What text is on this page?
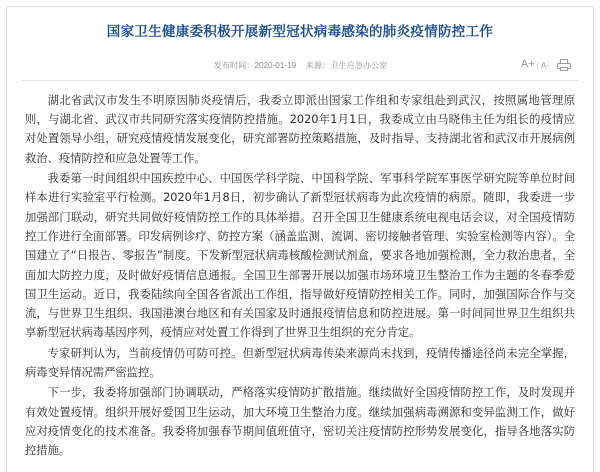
国家卫生健康委积极开展新型冠状病毒感染的肺炎疫情防控工作
发布时间：2020-01-19 来源：卫生应急办公室	A+ | A-

湖北省武汉市发生不明原因肺炎疫情后，我委立即派出国家工作组和专家组赴到武汉，按照属地管理原则，与湖北省、武汉市共同研究落实疫情防控措施。2020年1月1日，我委成立由马晓伟主任为组长的疫情应对处置领导小组，研究疫情疫情发展变化，研究部署防控策略措施，及时指导、支持湖北省和武汉市开展病例救治、疫情防控和应急处置等工作。

我委第一时间组织中国疾控中心、中国医学科学院、中国科学院、军事科学院军事医学研究院等单位时间样本进行实验室平行检测。2020年1月8日，初步确认了新型冠状病毒为此次疫情的病原。随即，我委进一步加强部门联动，研究共同做好疫情防控工作的具体举措。召开全国卫生健康系统电视电话会议，对全国疫情防控工作进行全面部署。印发病例诊疗、防控方案（涵盖监测、流调、密切接触者管理、实验室检测等内容）。全国建立了“日报告、零报告”制度。下发新型冠状病毒核酸检测试剂盒，要求各地加强检测，全力救治患者，全面加大防控力度，及时做好疫情信息通报。全国卫生部署开展以加强市场环境卫生整治工作为主题的冬春季爱国卫生运动。近日，我委陆续向全国各省派出工作组，指导做好疫情防控相关工作。同时，加强国际合作与交流，与世界卫生组织、我国港澳台地区和有关国家及时通报疫情信息和防控进展。第一时间同世界卫生组织共享新型冠状病毒基因序列，疫情应对处置工作得到了世界卫生组织的充分肯定。

专家研判认为，当前疫情仍可防可控。但新型冠状病毒传染来源尚未找到，疫情传播途径尚未完全掌握，病毒变异情况需严密监控。

下一步，我委将加强部门协调联动，严格落实疫情防扩散措施。继续做好全国疫情防控工作，及时发现并有效处置疫情。组织开展好爱国卫生运动，加大环境卫生整治力度。继续加强病毒溯源和变异监测工作，做好应对疫情变化的技术准备。我委将加强春节期间值班值守，密切关注疫情防控形势发展变化，指导各地落实防控措施。
